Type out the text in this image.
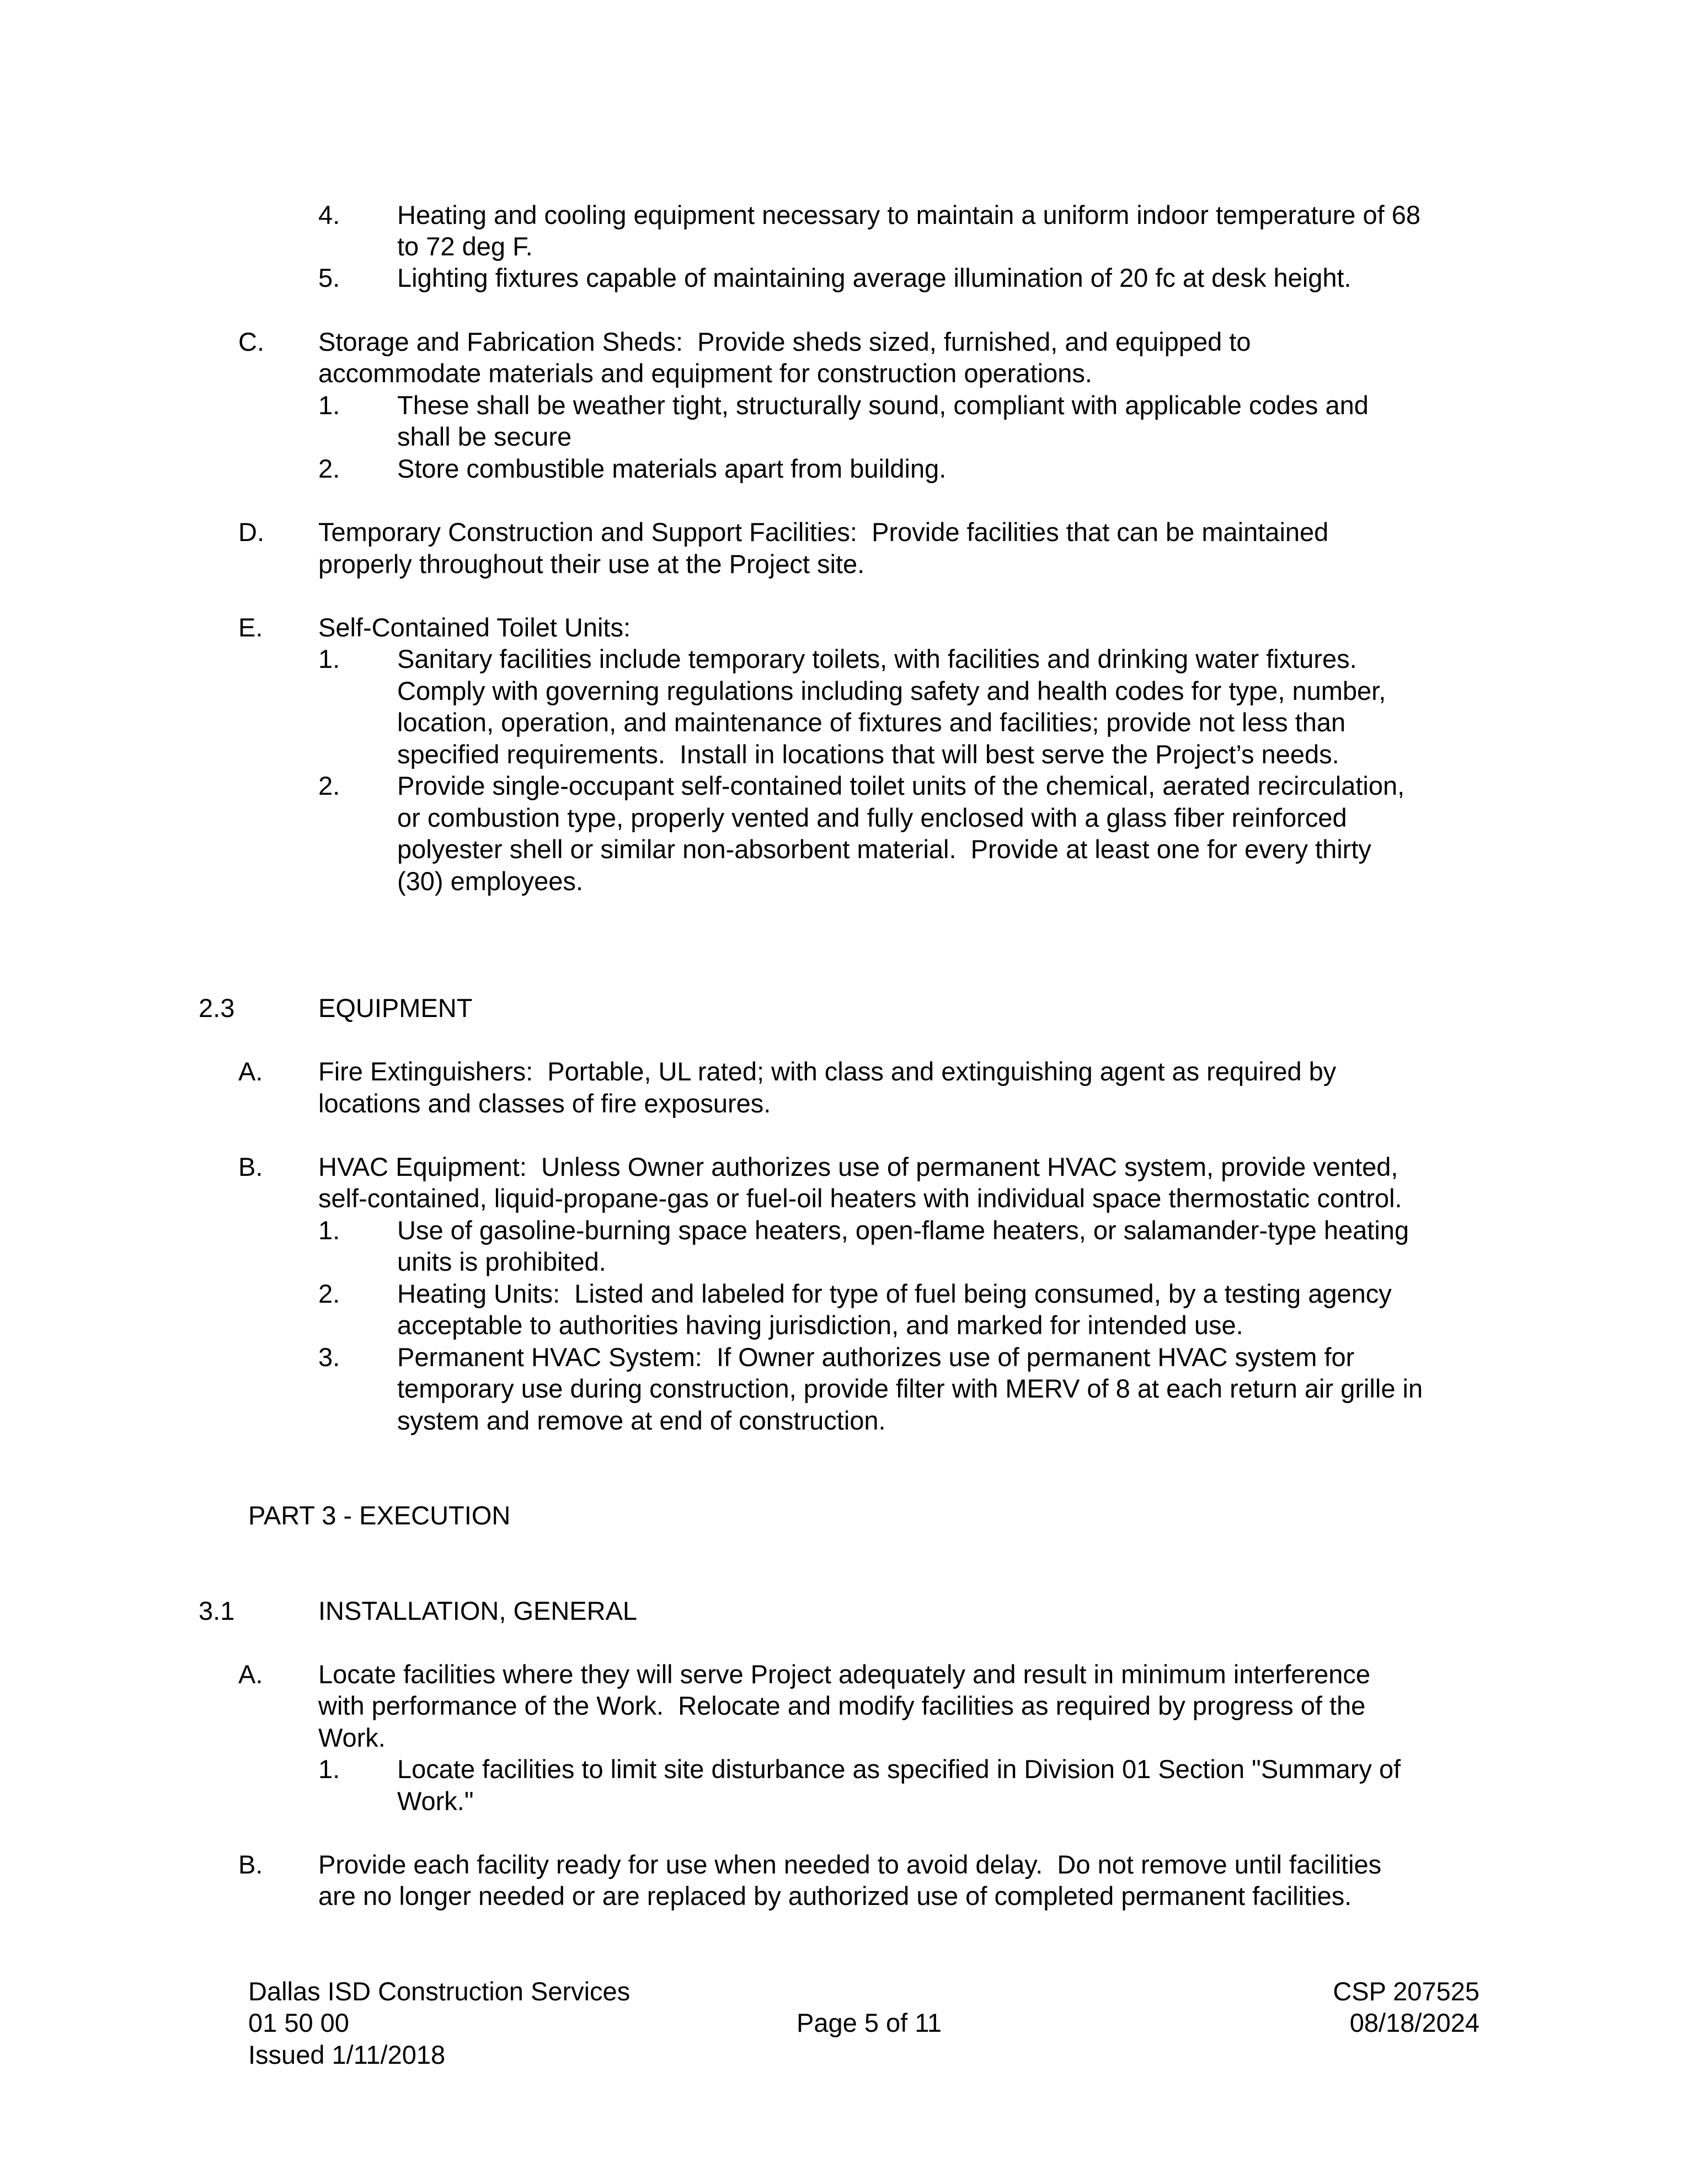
4. Heating and cooling equipment necessary to maintain a uniform indoor temperature of 68
to 72 deg F.
5. Lighting fixtures capable of maintaining average illumination of 20 fc at desk height.
C. Storage and Fabrication Sheds:  Provide sheds sized, furnished, and equipped to
accommodate materials and equipment for construction operations.
1. These shall be weather tight, structurally sound, compliant with applicable codes and
shall be secure
2. Store combustible materials apart from building.
D. Temporary Construction and Support Facilities:  Provide facilities that can be maintained
properly throughout their use at the Project site.
E. Self-Contained Toilet Units:
1. Sanitary facilities include temporary toilets, with facilities and drinking water fixtures.
Comply with governing regulations including safety and health codes for type, number,
location, operation, and maintenance of fixtures and facilities; provide not less than
specified requirements.  Install in locations that will best serve the Project’s needs.
2. Provide single-occupant self-contained toilet units of the chemical, aerated recirculation,
or combustion type, properly vented and fully enclosed with a glass fiber reinforced
polyester shell or similar non-absorbent material.  Provide at least one for every thirty
(30) employees.
2.3	EQUIPMENT
A. Fire Extinguishers:  Portable, UL rated; with class and extinguishing agent as required by
locations and classes of fire exposures.
B. HVAC Equipment:  Unless Owner authorizes use of permanent HVAC system, provide vented,
self-contained, liquid-propane-gas or fuel-oil heaters with individual space thermostatic control.
1. Use of gasoline-burning space heaters, open-flame heaters, or salamander-type heating
units is prohibited.
2. Heating Units:  Listed and labeled for type of fuel being consumed, by a testing agency
acceptable to authorities having jurisdiction, and marked for intended use.
3. Permanent HVAC System:  If Owner authorizes use of permanent HVAC system for
temporary use during construction, provide filter with MERV of 8 at each return air grille in
system and remove at end of construction.
PART 3 - EXECUTION
3.1	INSTALLATION, GENERAL
A. Locate facilities where they will serve Project adequately and result in minimum interference
with performance of the Work.  Relocate and modify facilities as required by progress of the
Work.
1. Locate facilities to limit site disturbance as specified in Division 01 Section "Summary of
Work."
B. Provide each facility ready for use when needed to avoid delay.  Do not remove until facilities
are no longer needed or are replaced by authorized use of completed permanent facilities.
Dallas ISD Construction Services
01 50 00
Issued 1/11/2018
Page 5 of 11
CSP 207525
08/18/2024
